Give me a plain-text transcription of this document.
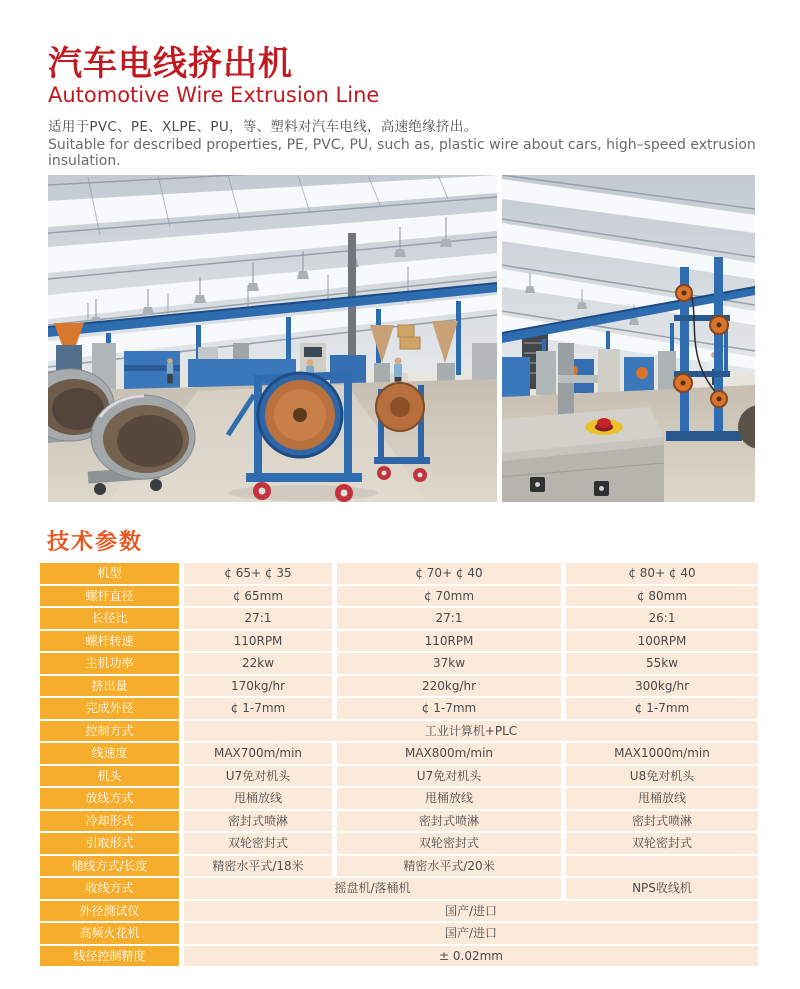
汽车电线挤出机
Automotive Wire Extrusion Line

适用于PVC、PE、XLPE、PU，等、塑料对汽车电线，高速绝缘挤出。

Suitable for described properties, PE, PVC, PU, such as, plastic wire about cars, high–speed extrusion insulation.

技术参数
机型	¢ 65+ ¢ 35	¢ 70+ ¢ 40	¢ 80+ ¢ 40
螺杆直径	¢ 65mm	¢ 70mm	¢ 80mm
长径比	27:1	27:1	26:1
螺杆转速	110RPM	110RPM	100RPM
主机功率	22kw	37kw	55kw
挤出量	170kg/hr	220kg/hr	300kg/hr
完成外径	¢ 1-7mm	¢ 1-7mm	¢ 1-7mm
控制方式	工业计算机+PLC
线速度	MAX700m/min	MAX800m/min	MAX1000m/min
机头	U7免对机头	U7免对机头	U8免对机头
放线方式	甩桶放线	甩桶放线	甩桶放线
冷却形式	密封式喷淋	密封式喷淋	密封式喷淋
引取形式	双轮密封式	双轮密封式	双轮密封式
储线方式/长度	精密水平式/18米	精密水平式/20米
收线方式	摇盘机/落桶机	NPS收线机
外径测试仪	国产/进口
高频火花机	国产/进口
线径控制精度	± 0.02mm
